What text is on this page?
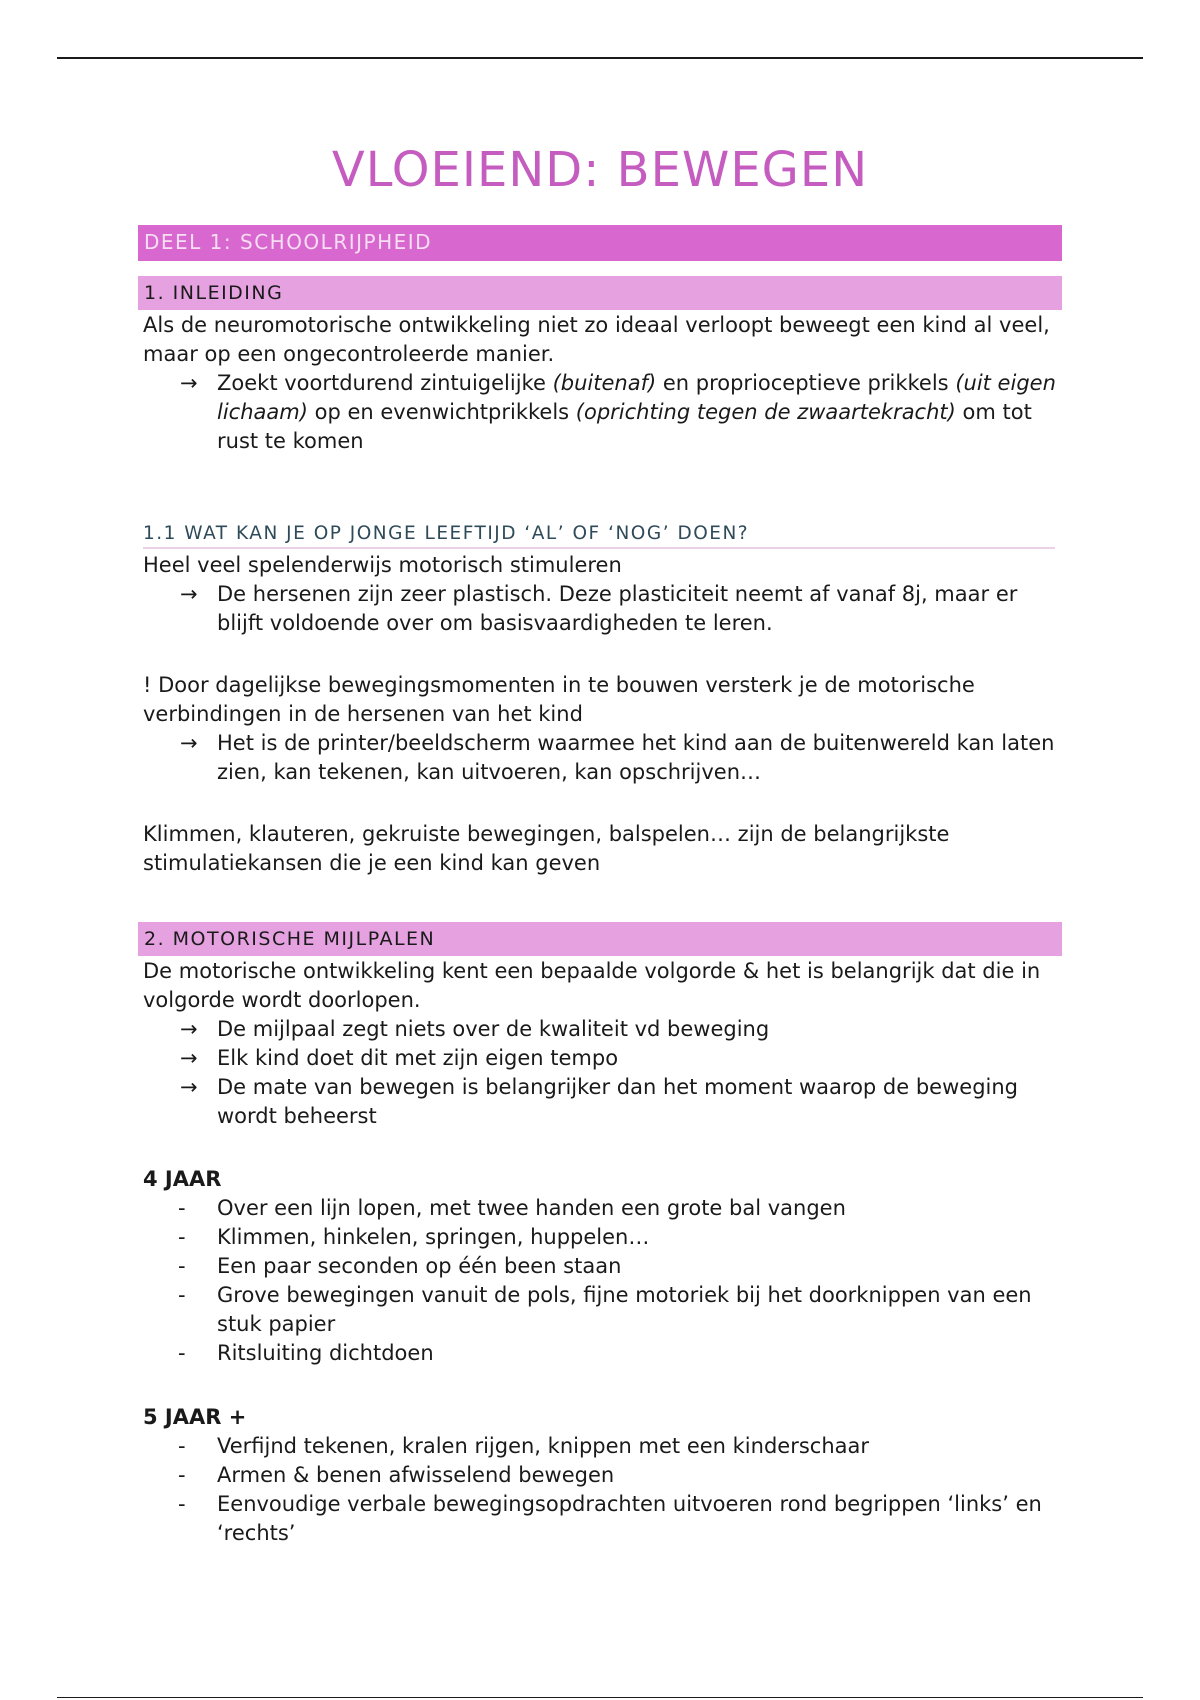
VLOEIEND: BEWEGEN
DEEL 1: SCHOOLRIJPHEID
1. INLEIDING

Als de neuromotorische ontwikkeling niet zo ideaal verloopt beweegt een kind al veel, maar op een ongecontroleerde manier.

→ Zoekt voortdurend zintuigelijke (buitenaf) en proprioceptieve prikkels (uit eigen lichaam) op en evenwichtprikkels (oprichting tegen de zwaartekracht) om tot rust te komen
1.1 WAT KAN JE OP JONGE LEEFTIJD ‘AL’ OF ‘NOG’ DOEN?

Heel veel spelenderwijs motorisch stimuleren

→ De hersenen zijn zeer plastisch. Deze plasticiteit neemt af vanaf 8j, maar er blijft voldoende over om basisvaardigheden te leren.

! Door dagelijkse bewegingsmomenten in te bouwen versterk je de motorische verbindingen in de hersenen van het kind

→ Het is de printer/beeldscherm waarmee het kind aan de buitenwereld kan laten zien, kan tekenen, kan uitvoeren, kan opschrijven…

Klimmen, klauteren, gekruiste bewegingen, balspelen… zijn de belangrijkste stimulatiekansen die je een kind kan geven

2. MOTORISCHE MIJLPALEN

De motorische ontwikkeling kent een bepaalde volgorde & het is belangrijk dat die in volgorde wordt doorlopen.

→ De mijlpaal zegt niets over de kwaliteit vd beweging
→ Elk kind doet dit met zijn eigen tempo
→ De mate van bewegen is belangrijker dan het moment waarop de beweging wordt beheerst

4 JAAR

-	Over een lijn lopen, met twee handen een grote bal vangen
-	Klimmen, hinkelen, springen, huppelen…
-	Een paar seconden op één been staan
-	Grove bewegingen vanuit de pols, fijne motoriek bij het doorknippen van een stuk papier
-	Ritsluiting dichtdoen

5 JAAR +

-	Verfijnd tekenen, kralen rijgen, knippen met een kinderschaar
-	Armen & benen afwisselend bewegen
-	Eenvoudige verbale bewegingsopdrachten uitvoeren rond begrippen ‘links’ en ‘rechts’
